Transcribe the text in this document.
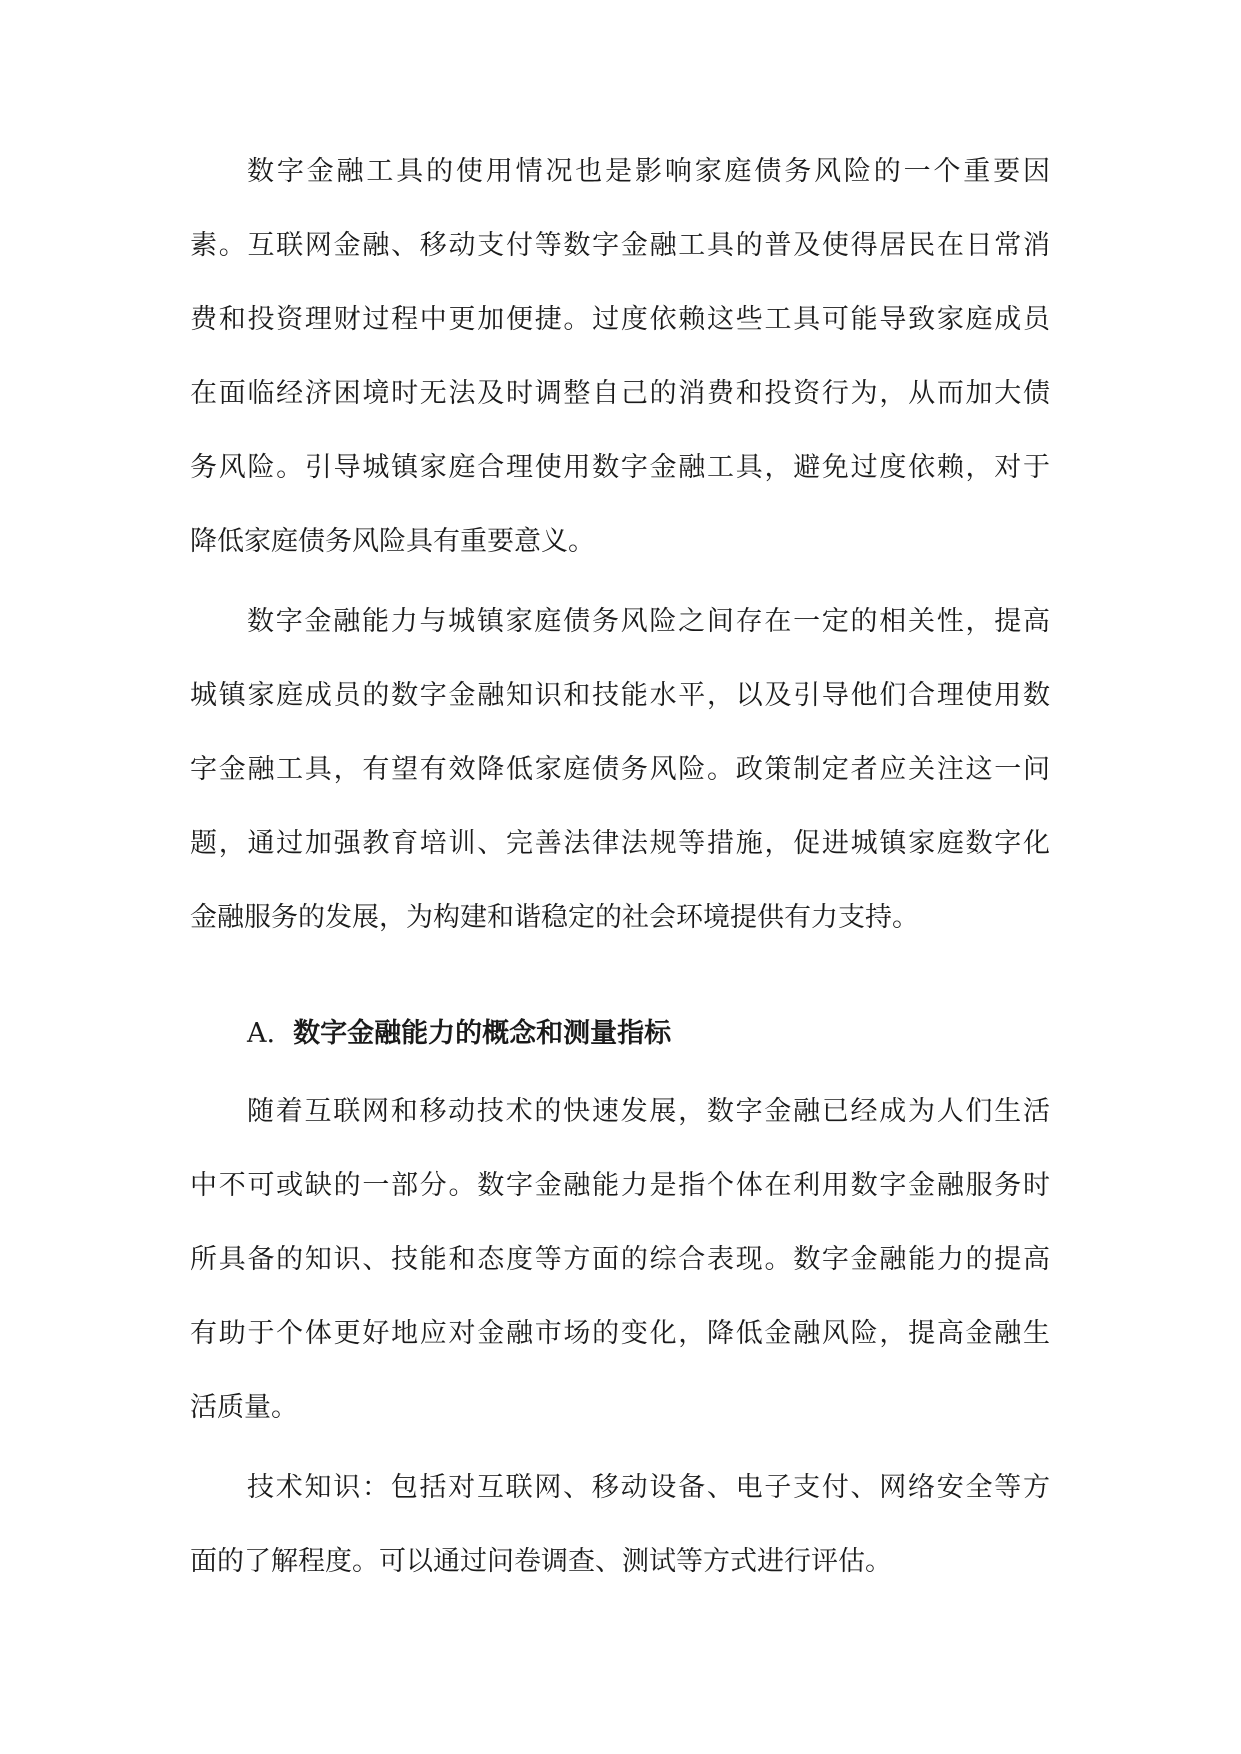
数字金融工具的使用情况也是影响家庭债务风险的一个重要因
素。互联网金融、移动支付等数字金融工具的普及使得居民在日常消
费和投资理财过程中更加便捷。过度依赖这些工具可能导致家庭成员
在面临经济困境时无法及时调整自己的消费和投资行为，从而加大债
务风险。引导城镇家庭合理使用数字金融工具，避免过度依赖，对于
降低家庭债务风险具有重要意义。
数字金融能力与城镇家庭债务风险之间存在一定的相关性，提高
城镇家庭成员的数字金融知识和技能水平，以及引导他们合理使用数
字金融工具，有望有效降低家庭债务风险。政策制定者应关注这一问
题，通过加强教育培训、完善法律法规等措施，促进城镇家庭数字化
金融服务的发展，为构建和谐稳定的社会环境提供有力支持。
A. 数字金融能力的概念和测量指标
随着互联网和移动技术的快速发展，数字金融已经成为人们生活
中不可或缺的一部分。数字金融能力是指个体在利用数字金融服务时
所具备的知识、技能和态度等方面的综合表现。数字金融能力的提高
有助于个体更好地应对金融市场的变化，降低金融风险，提高金融生
活质量。
技术知识：包括对互联网、移动设备、电子支付、网络安全等方
面的了解程度。可以通过问卷调查、测试等方式进行评估。
